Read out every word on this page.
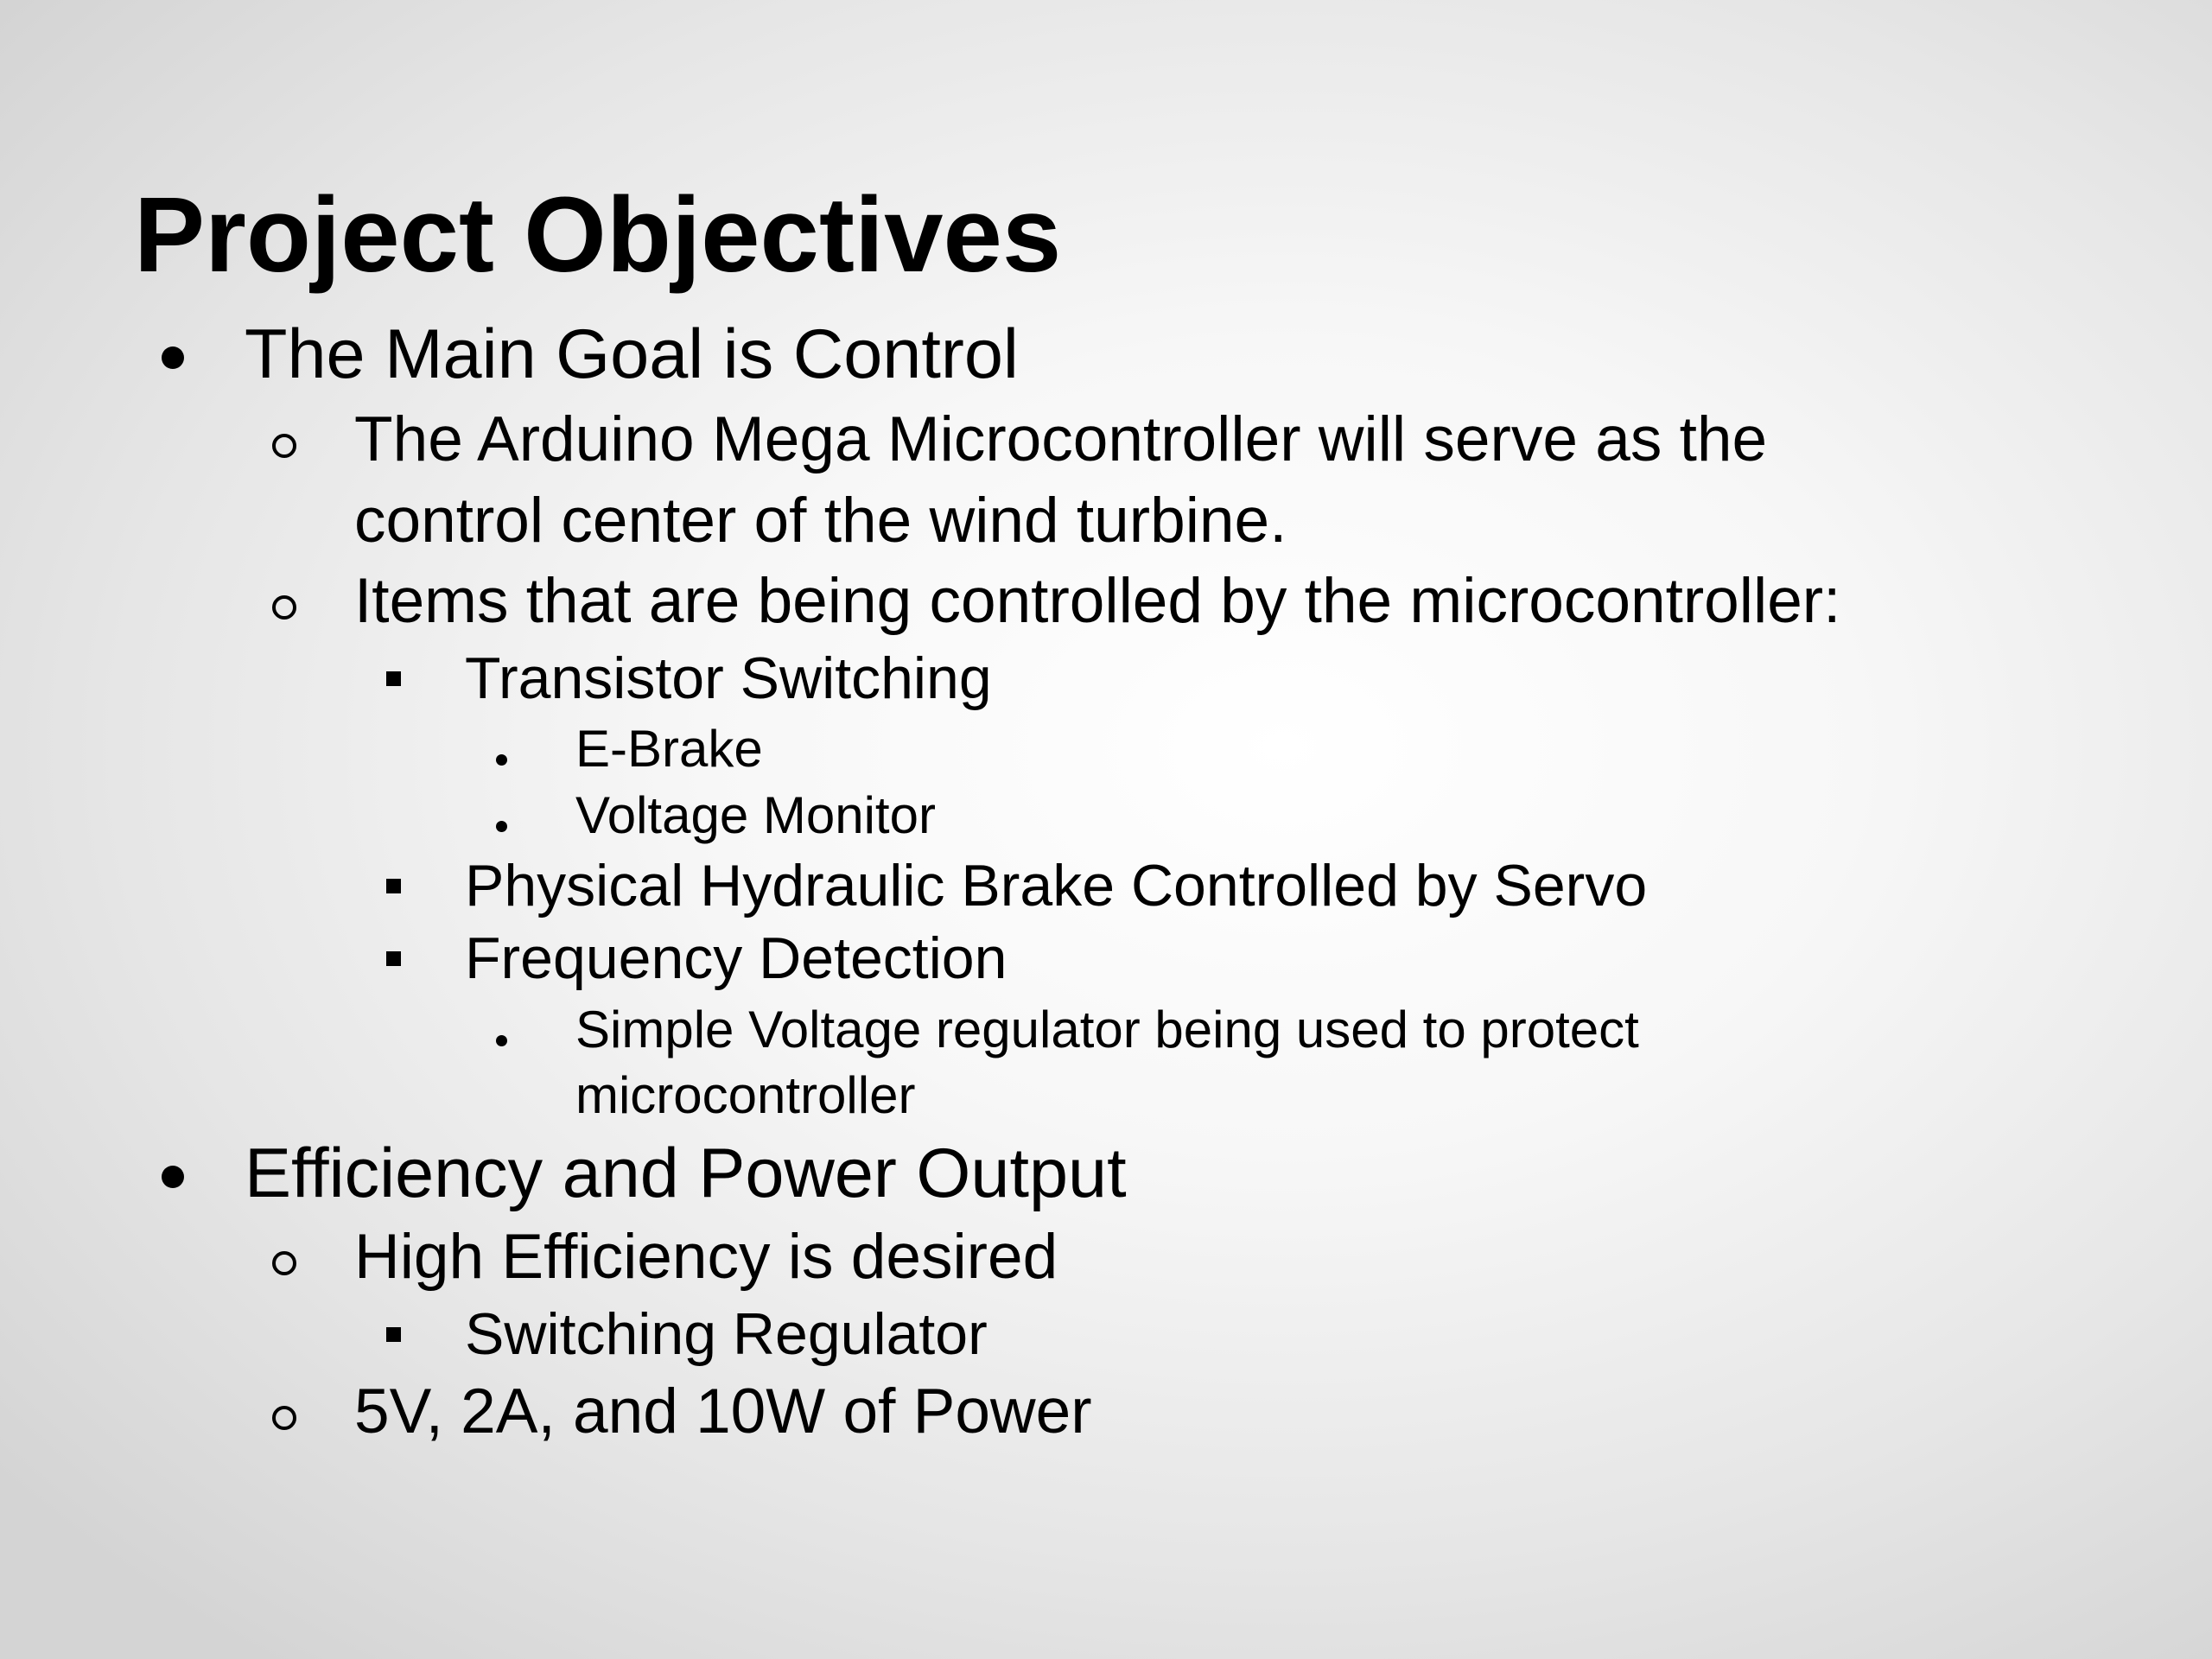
Project Objectives
The Main Goal is Control
The Arduino Mega Microcontroller will serve as the
control center of the wind turbine.
Items that are being controlled by the microcontroller:
Transistor Switching
E-Brake
Voltage Monitor
Physical Hydraulic Brake Controlled by Servo
Frequency Detection
Simple Voltage regulator being used to protect
microcontroller
Efficiency and Power Output
High Efficiency is desired
Switching Regulator
5V, 2A, and 10W of Power
